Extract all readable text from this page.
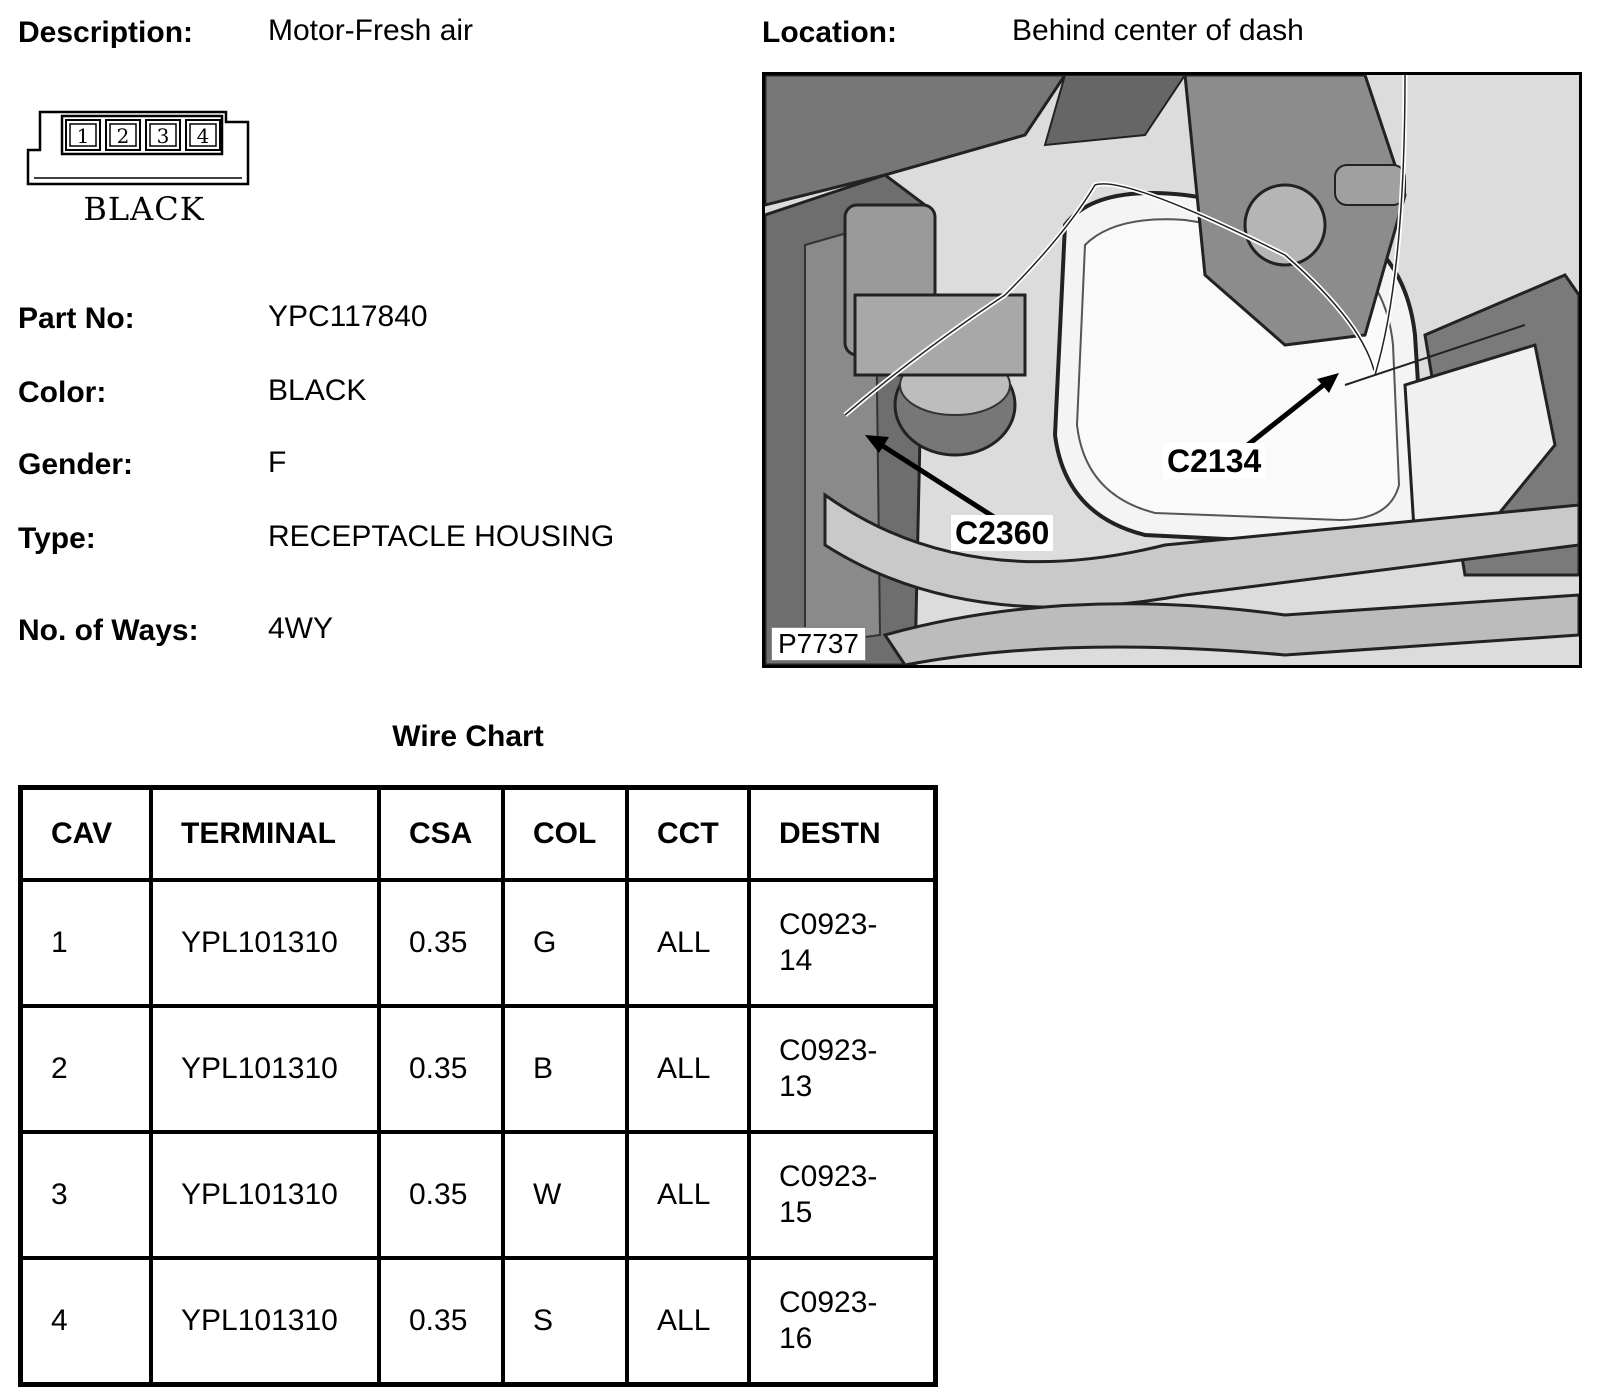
Description: Motor-Fresh air	Location:	Behind center of dash
1 2 3 4
BLACK
Part No:	YPC117840
Color:	BLACK
Gender:	F
Type:	RECEPTACLE HOUSING
No. of Ways: 4WY
C2134
C2360
P7737
Wire Chart
CAV	TERMINAL	CSA	COL	CCT	DESTN
1	YPL101310	0.35	G	ALL	C0923-
14

2	YPL101310	0.35	B	ALL	C0923-
13

3	YPL101310	0.35	W	ALL	C0923-
15

4	YPL101310	0.35	S	ALL	C0923-
16
